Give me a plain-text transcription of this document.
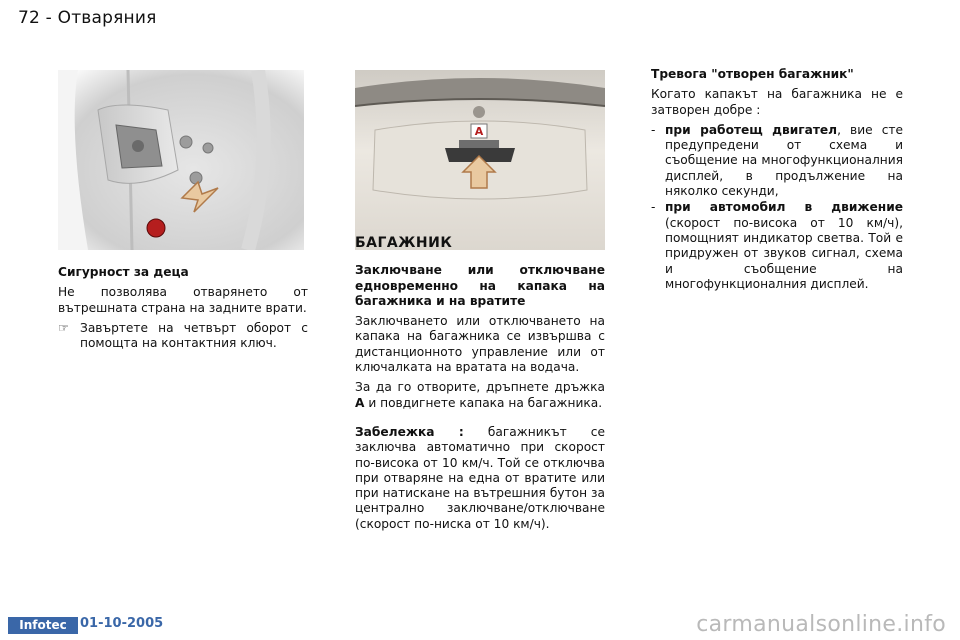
72 - Отваряния

Сигурност за деца

Не позволява отварянето от вътрешната страна на задните врати.

☞ Завъртете на четвърт оборот с помощта на контактния ключ.
A

БАГАЖНИК

Заключване или отключване едновременно на капака на багажника и на вратите

Заключването или отключването на капака на багажника се извършва с дистанционното управление или от ключалката на вратата на водача.

За да го отворите, дръпнете дръжка A и повдигнете капака на багажника.

Забележка : багажникът се заключва автоматично при скорост по-висока от 10 км/ч. Той се отключва при отваряне на една от вратите или при натискане на вътрешния бутон за централно заключване/отключване (скорост по-ниска от 10 км/ч).

Тревога "отворен багажник"

Когато капакът на багажника не е затворен добре :

- при работещ двигател, вие сте предупредени от схема и съобщение на многофункционалния дисплей, в продължение на няколко секунди,
- при автомобил в движение (скорост по-висока от 10 км/ч), помощният индикатор светва. Той е придружен от звуков сигнал, схема и съобщение на многофункционалния дисплей.
Infotec	01-10-2005	carmanualsonline.info
